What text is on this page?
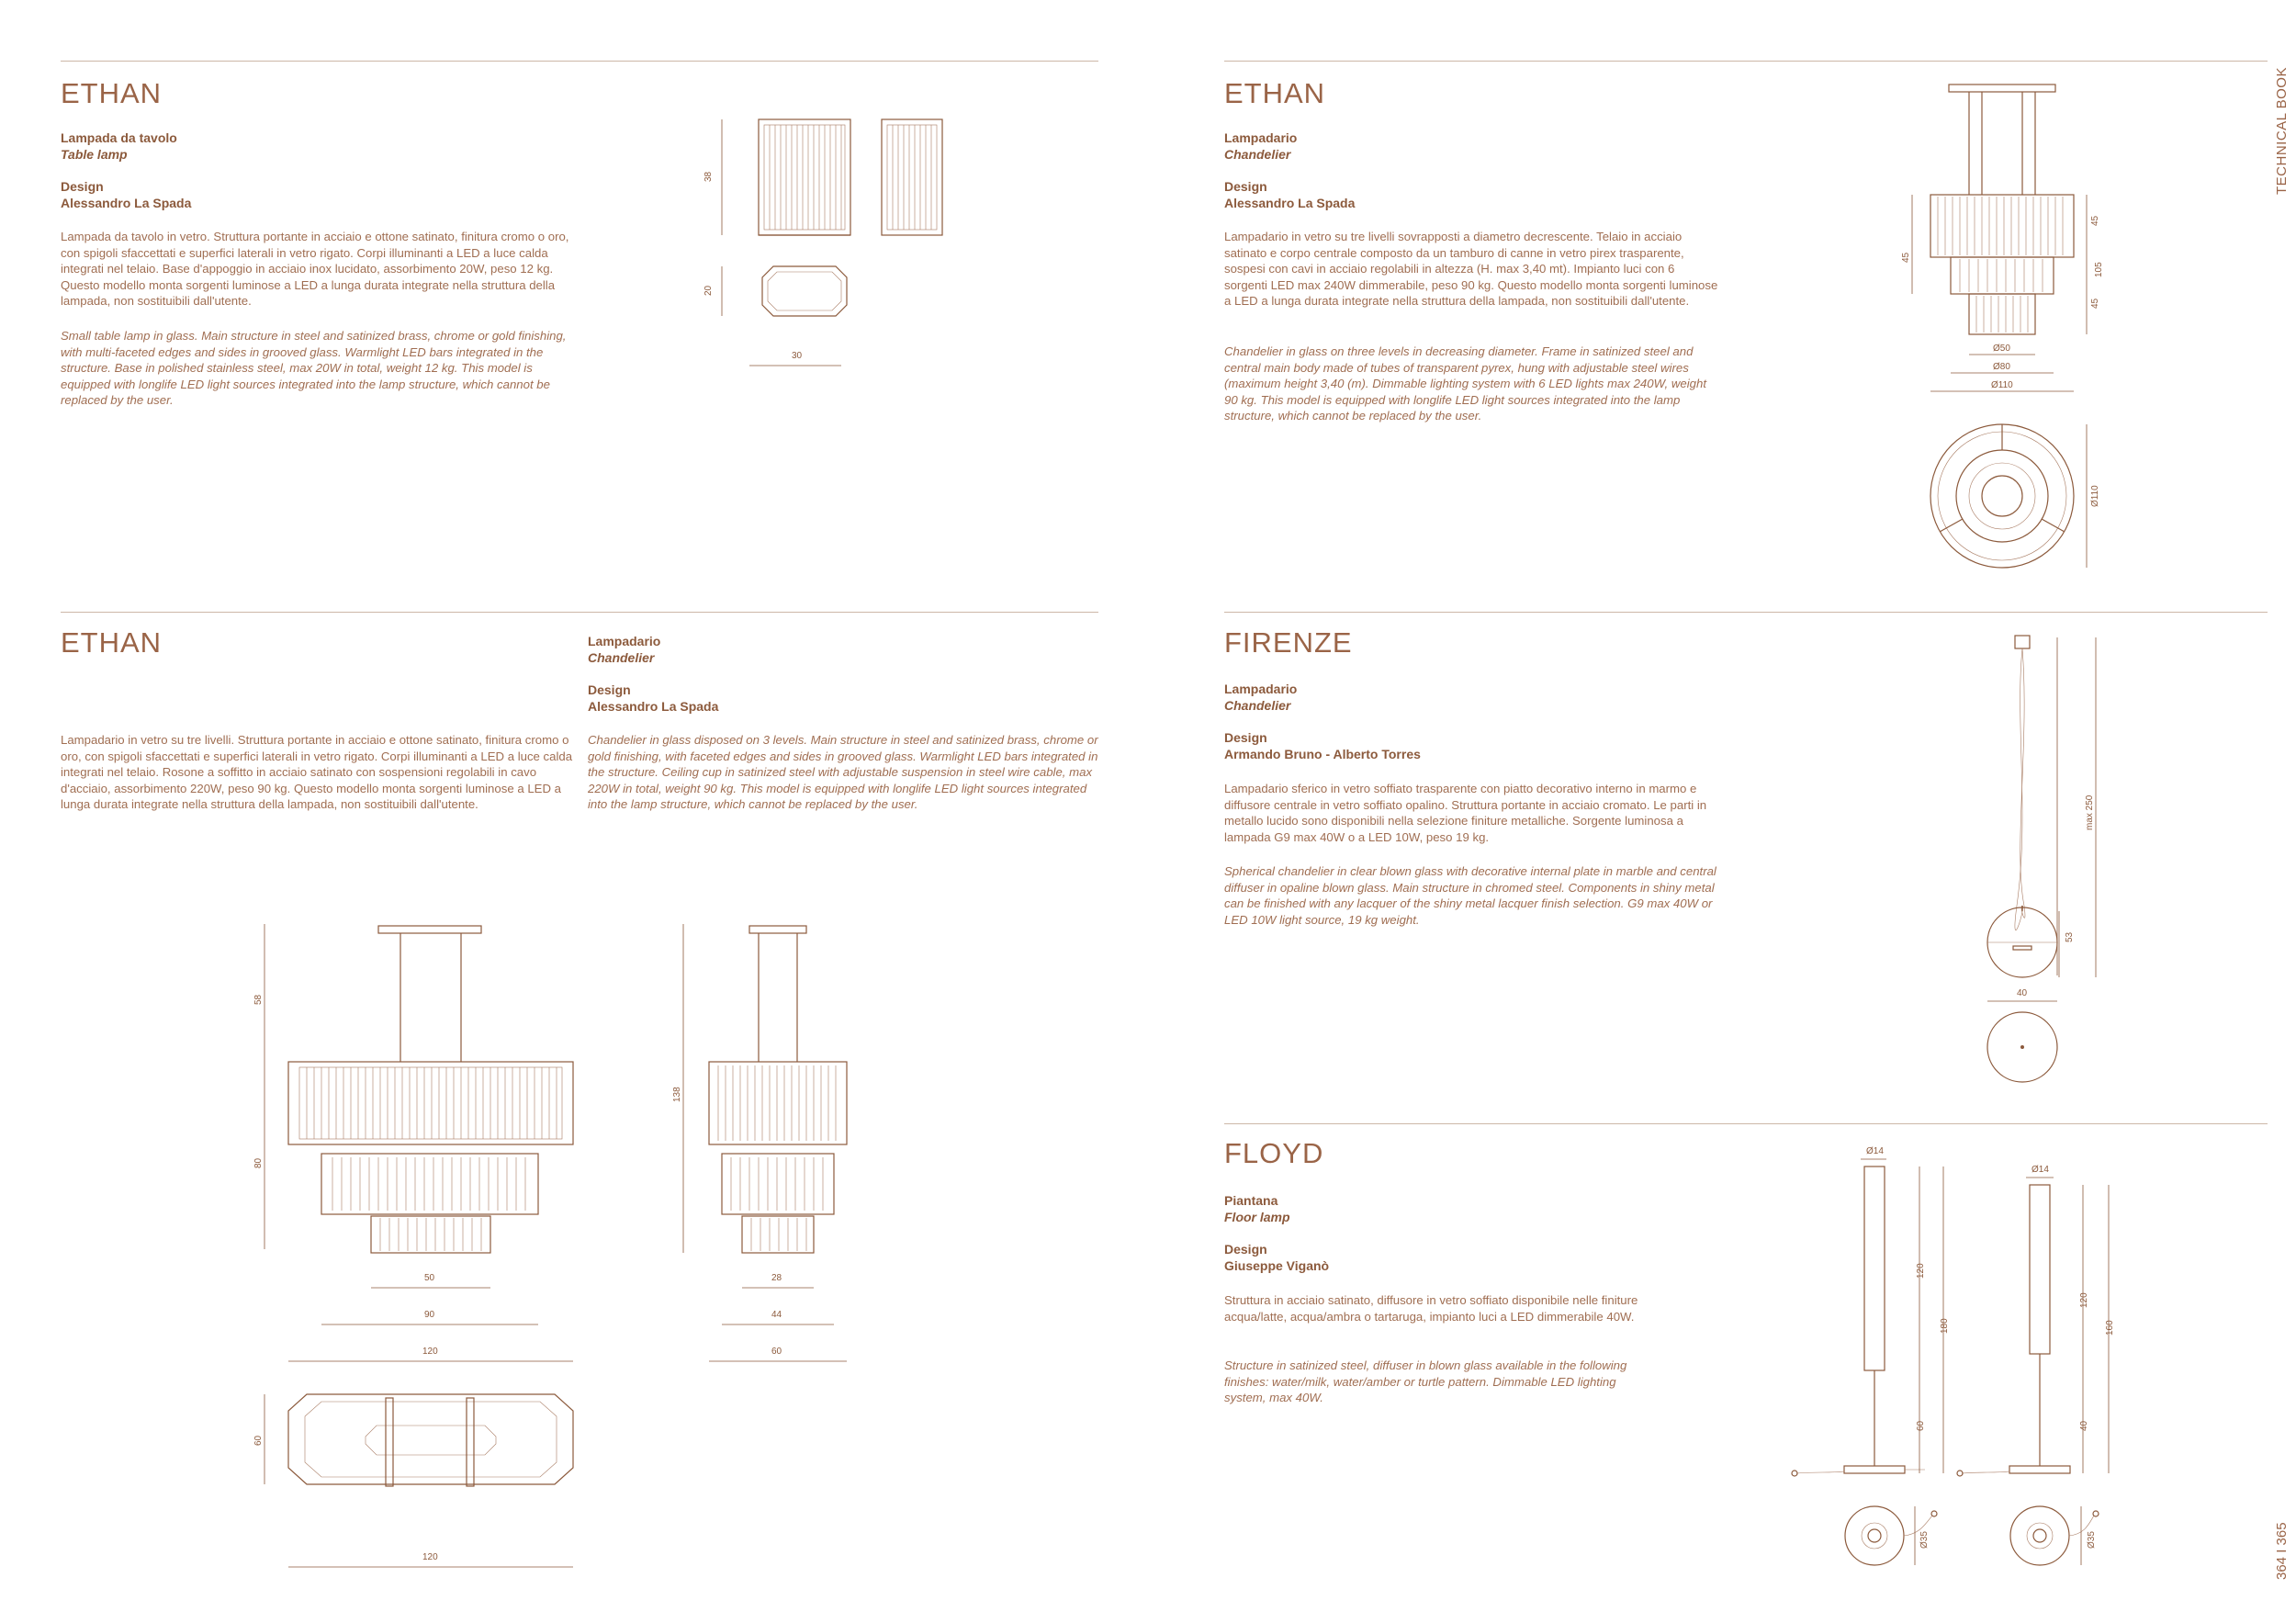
TECHNICAL BOOK
364 I 365
ETHAN
Lampada da tavolo
Table lamp
Design
Alessandro La Spada
Lampada da tavolo in vetro. Struttura portante in acciaio e ottone satinato, finitura cromo o oro, con spigoli sfaccettati e superfici laterali in vetro rigato. Corpi illuminanti a LED a luce calda integrati nel telaio. Base d'appoggio in acciaio inox lucidato, assorbimento 20W, peso 12 kg. Questo modello monta sorgenti luminose a LED a lunga durata integrate nella struttura della lampada, non sostituibili dall'utente.
Small table lamp in glass. Main structure in steel and satinized brass, chrome or gold finishing, with multi-faceted edges and sides in grooved glass. Warmlight LED bars integrated in the structure. Base in polished stainless steel, max 20W in total, weight 12 kg. This model is equipped with longlife LED light sources integrated into the lamp structure, which cannot be replaced by the user.
38
20
30
ETHAN	Lampadario
Chandelier
Design
Alessandro La Spada
Lampadario in vetro su tre livelli. Struttura portante in acciaio e ottone satinato, finitura cromo o oro, con spigoli sfaccettati e superfici laterali in vetro rigato. Corpi illuminanti a LED a luce calda integrati nel telaio. Rosone a soffitto in acciaio satinato con sospensioni regolabili in cavo d'acciaio, assorbimento 220W, peso 90 kg. Questo modello monta sorgenti luminose a LED a lunga durata integrate nella struttura della lampada, non sostituibili dall'utente.
Chandelier in glass disposed on 3 levels. Main structure in steel and satinized brass, chrome or gold finishing, with faceted edges and sides in grooved glass. Warmlight LED bars integrated in the structure. Ceiling cup in satinized steel with adjustable suspension in steel wire cable, max 220W in total, weight 90 kg. This model is equipped with longlife LED light sources integrated into the lamp structure, which cannot be replaced by the user.
58
80
50
90
120
60
120
138
28
44
60
ETHAN
Lampadario
Chandelier
Design
Alessandro La Spada
Lampadario in vetro su tre livelli sovrapposti a diametro decrescente. Telaio in acciaio satinato e corpo centrale composto da un tamburo di canne in vetro pirex trasparente, sospesi con cavi in acciaio regolabili in altezza (H. max 3,40 mt). Impianto luci con 6 sorgenti LED max 240W dimmerabile, peso 90 kg. Questo modello monta sorgenti luminose a LED a lunga durata integrate nella struttura della lampada, non sostituibili dall'utente.
Chandelier in glass on three levels in decreasing diameter. Frame in satinized steel and central main body made of tubes of transparent pyrex, hung with adjustable steel wires (maximum height 3,40 (m). Dimmable lighting system with 6 LED lights max 240W, weight 90 kg. This model is equipped with longlife LED light sources integrated into the lamp structure, which cannot be replaced by the user.
45
45
105
45
Ø50
Ø80
Ø110
Ø110
FIRENZE
Lampadario
Chandelier
Design
Armando Bruno - Alberto Torres
Lampadario sferico in vetro soffiato trasparente con piatto decorativo interno in marmo e diffusore centrale in vetro soffiato opalino. Struttura portante in acciaio cromato. Le parti in metallo lucido sono disponibili nella selezione finiture metalliche. Sorgente luminosa a lampada G9 max 40W o a LED 10W, peso 19 kg.
Spherical chandelier in clear blown glass with decorative internal plate in marble and central diffuser in opaline blown glass. Main structure in chromed steel. Components in shiny metal can be finished with any lacquer of the shiny metal lacquer finish selection. G9 max 40W or LED 10W light source, 19 kg weight.
53
max 250
40
FLOYD
Piantana
Floor lamp
Design
Giuseppe Viganò
Struttura in acciaio satinato, diffusore in vetro soffiato disponibile nelle finiture acqua/latte, acqua/ambra o tartaruga, impianto luci a LED dimmerabile 40W.
Structure in satinized steel, diffuser in blown glass available in the following finishes: water/milk, water/amber or turtle pattern. Dimmable LED lighting system, max 40W.
Ø14
120
60
180
Ø35
Ø14
120
40
160
Ø35
